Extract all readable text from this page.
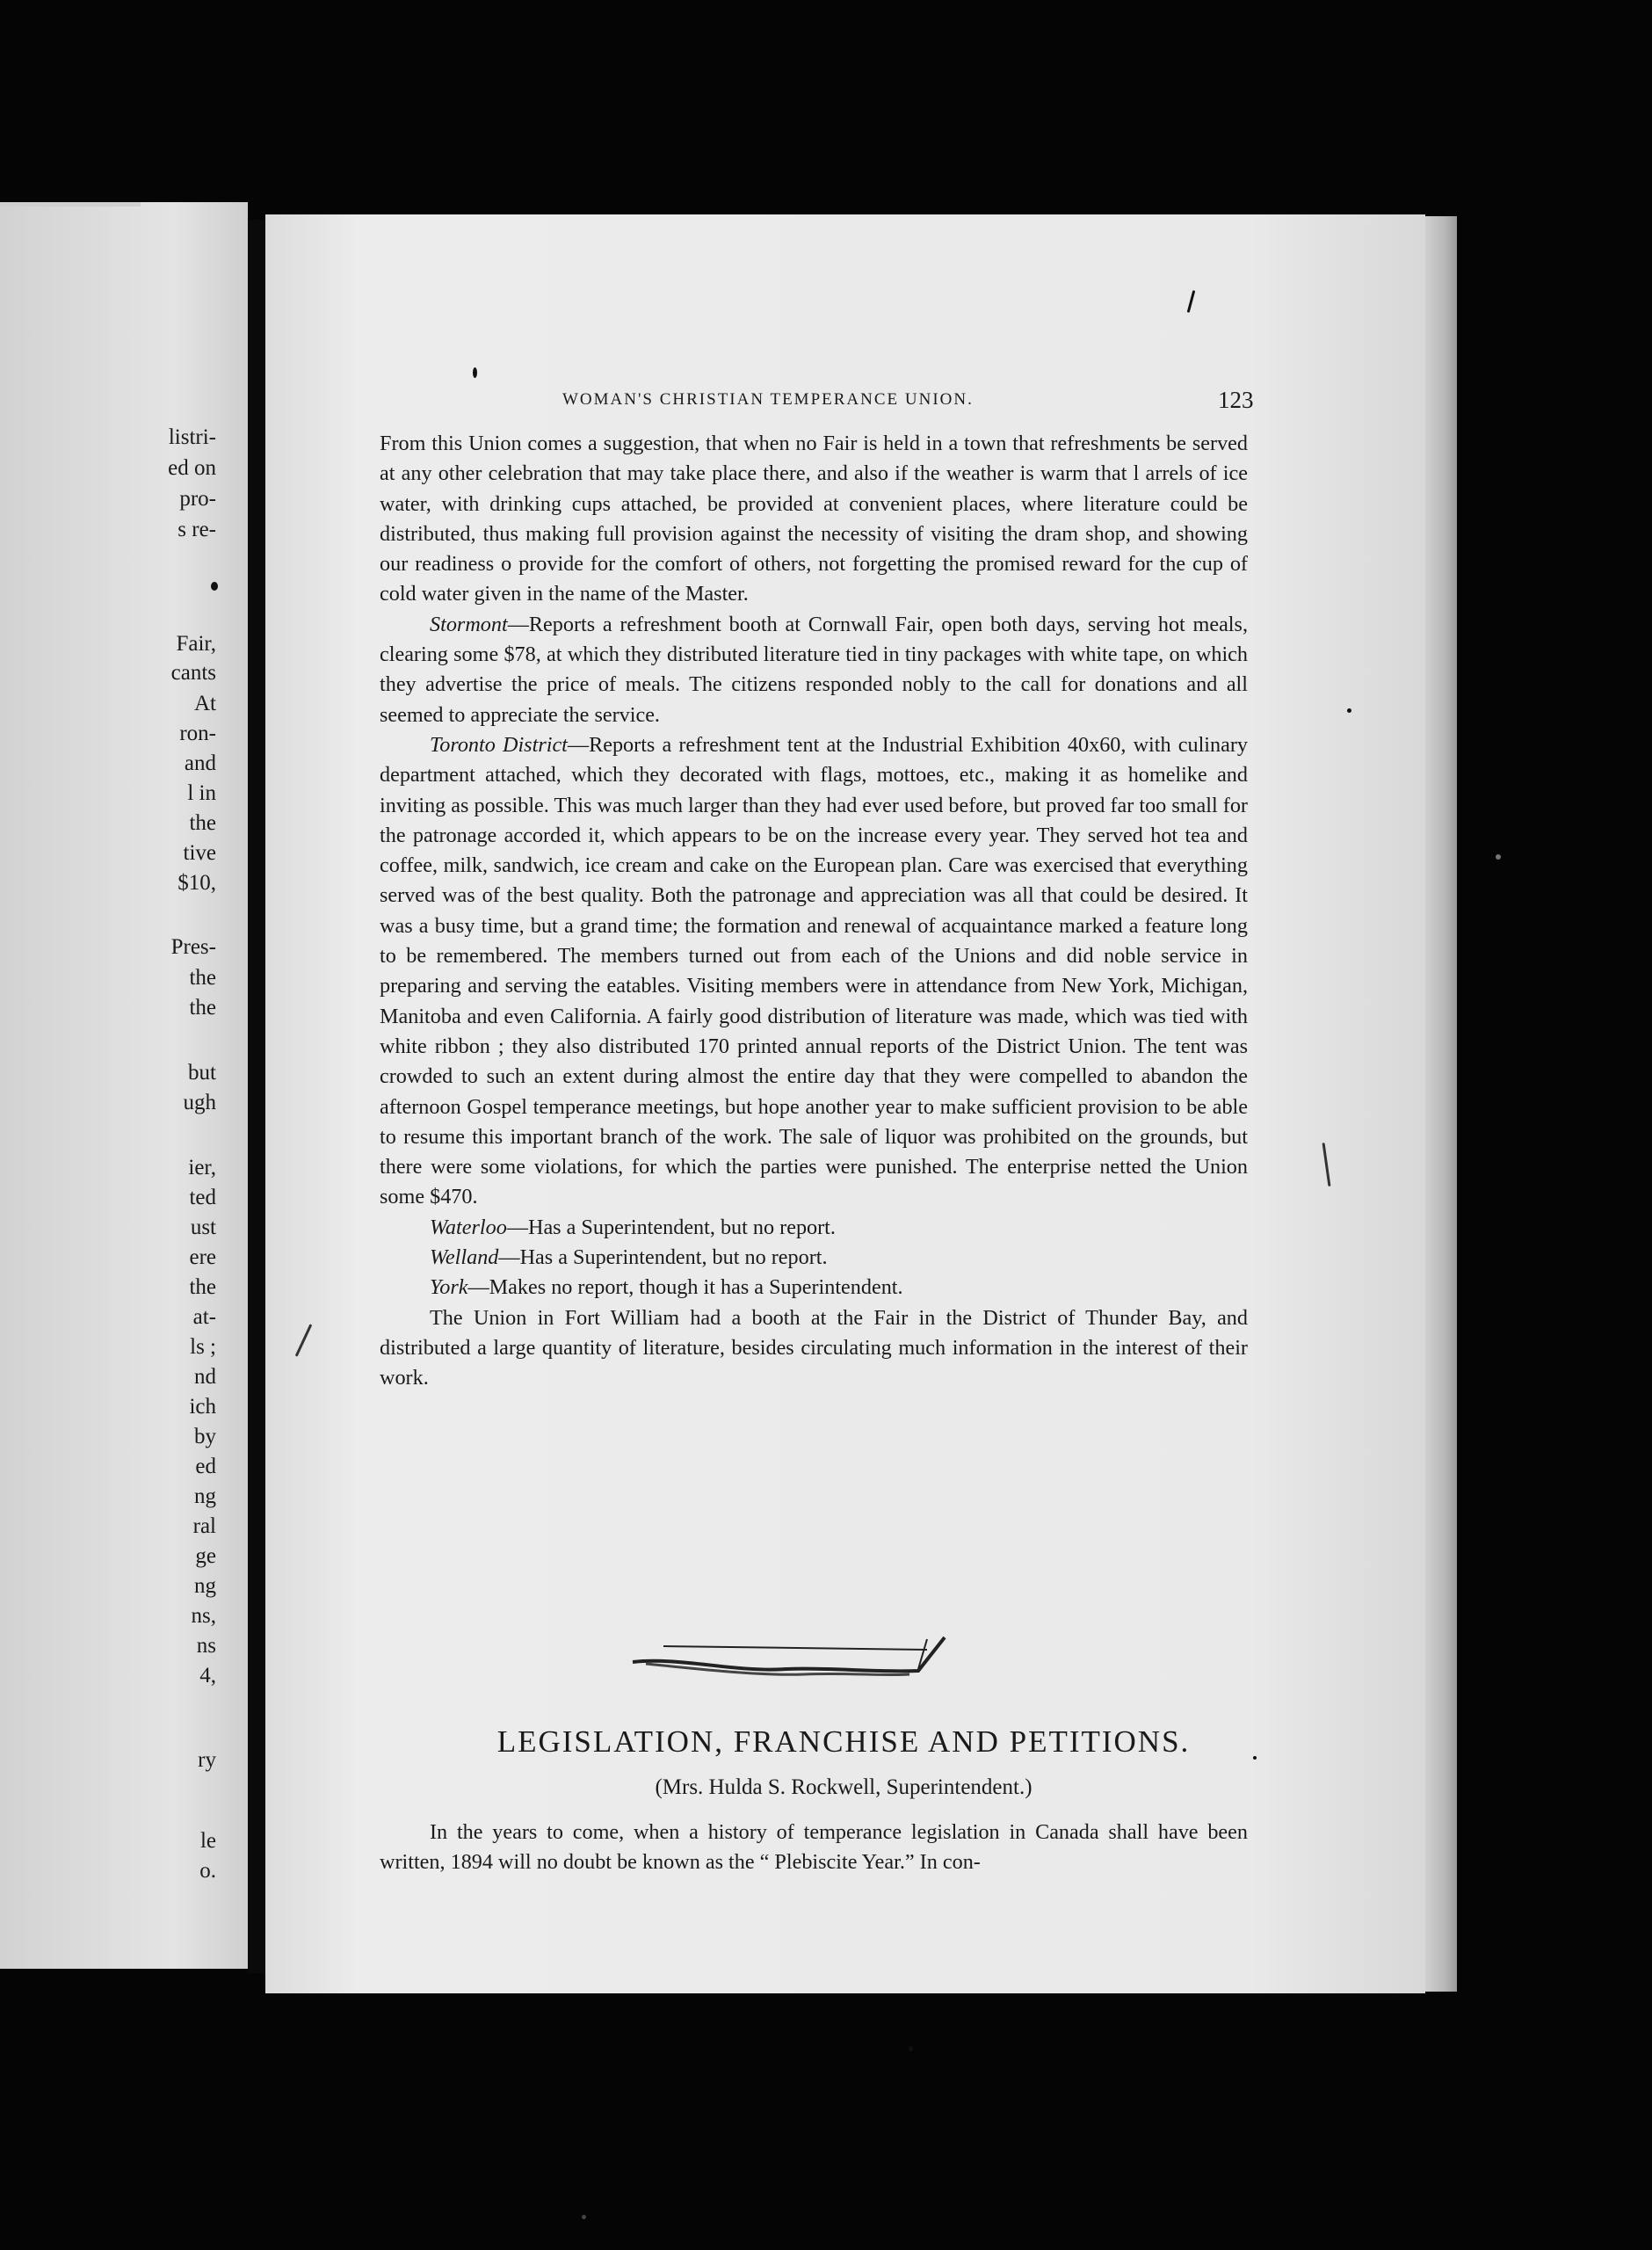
listri-
ed on
pro-
s re-
Fair,
cants
At
ron-
and
l in
the
tive
$10,
Pres-
the
the
but
ugh
ier,
ted
ust
ere
the
at-
ls ;
nd
ich
by
ed
ng
ral
ge
ng
ns,
ns
4,
ry
le
o.
WOMAN'S CHRISTIAN TEMPERANCE UNION.	123

From this Union comes a suggestion, that when no Fair is held in a town that refreshments be served at any other celebration that may take place there, and also if the weather is warm that l arrels of ice water, with drinking cups attached, be provided at convenient places, where literature could be distributed, thus making full provision against the necessity of visiting the dram shop, and showing our readiness o provide for the comfort of others, not forgetting the promised reward for the cup of cold water given in the name of the Master.

Stormont—Reports a refreshment booth at Cornwall Fair, open both days, serving hot meals, clearing some $78, at which they distributed literature tied in tiny packages with white tape, on which they advertise the price of meals. The citizens responded nobly to the call for donations and all seemed to appreciate the service.

Toronto District—Reports a refreshment tent at the Industrial Exhibition 40x60, with culinary department attached, which they decorated with flags, mottoes, etc., making it as homelike and inviting as possible. This was much larger than they had ever used before, but proved far too small for the patronage accorded it, which appears to be on the increase every year. They served hot tea and coffee, milk, sandwich, ice cream and cake on the European plan. Care was exercised that everything served was of the best quality. Both the patronage and appreciation was all that could be desired. It was a busy time, but a grand time; the formation and renewal of acquaintance marked a feature long to be remembered. The members turned out from each of the Unions and did noble service in preparing and serving the eatables. Visiting members were in attendance from New York, Michigan, Manitoba and even California. A fairly good distribution of literature was made, which was tied with white ribbon ; they also distributed 170 printed annual reports of the District Union. The tent was crowded to such an extent during almost the entire day that they were compelled to abandon the afternoon Gospel temperance meetings, but hope another year to make sufficient provision to be able to resume this important branch of the work. The sale of liquor was prohibited on the grounds, but there were some violations, for which the parties were punished. The enterprise netted the Union some $470.

Waterloo—Has a Superintendent, but no report.

Welland—Has a Superintendent, but no report.

York—Makes no report, though it has a Superintendent.

The Union in Fort William had a booth at the Fair in the District of Thunder Bay, and distributed a large quantity of literature, besides circulating much information in the interest of their work.

LEGISLATION, FRANCHISE AND PETITIONS.
(Mrs. Hulda S. Rockwell, Superintendent.)
In the years to come, when a history of temperance legislation in Canada shall have been written, 1894 will no doubt be known as the “ Plebiscite Year.” In con-
